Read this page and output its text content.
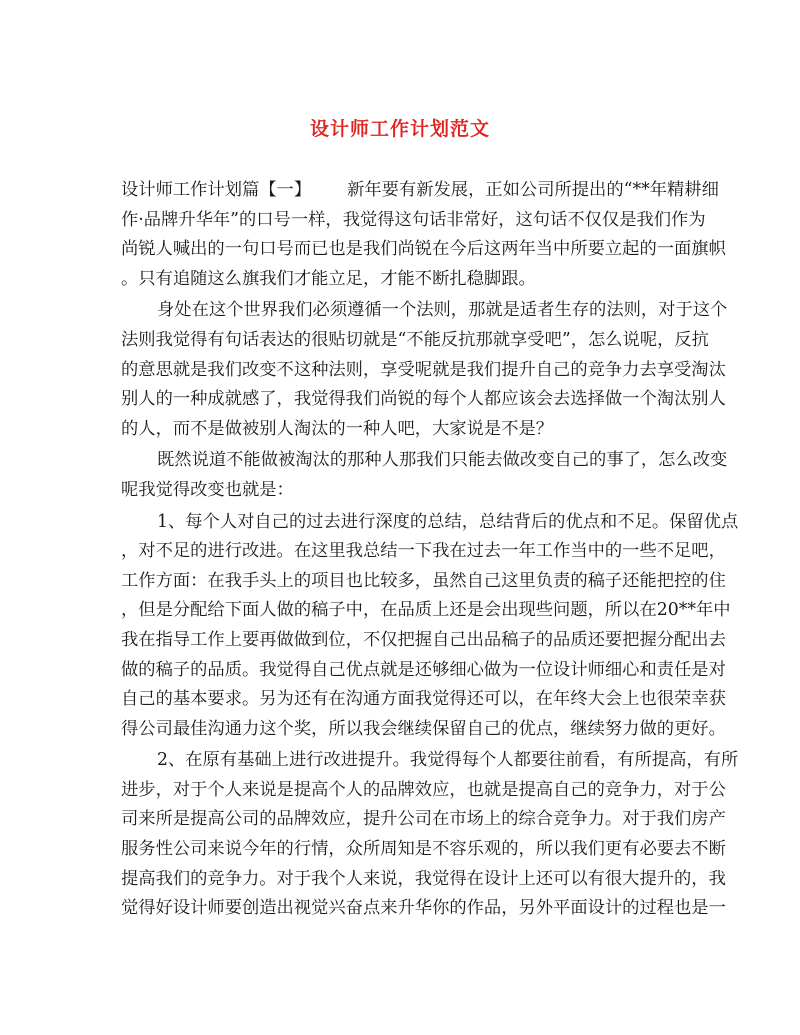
设计师工作计划范文
设计师工作计划篇【一】 新年要有新发展，正如公司所提出的“**年精耕细
作·品牌升华年”的口号一样，我觉得这句话非常好，这句话不仅仅是我们作为
尚锐人喊出的一句口号而已也是我们尚锐在今后这两年当中所要立起的一面旗帜
。只有追随这么旗我们才能立足，才能不断扎稳脚跟。
身处在这个世界我们必须遵循一个法则，那就是适者生存的法则，对于这个
法则我觉得有句话表达的很贴切就是“不能反抗那就享受吧”，怎么说呢，反抗
的意思就是我们改变不这种法则，享受呢就是我们提升自己的竞争力去享受淘汰
别人的一种成就感了，我觉得我们尚锐的每个人都应该会去选择做一个淘汰别人
的人，而不是做被别人淘汰的一种人吧，大家说是不是？
既然说道不能做被淘汰的那种人那我们只能去做改变自己的事了，怎么改变
呢我觉得改变也就是：
1、每个人对自己的过去进行深度的总结，总结背后的优点和不足。保留优点
，对不足的进行改进。在这里我总结一下我在过去一年工作当中的一些不足吧，
工作方面：在我手头上的项目也比较多，虽然自己这里负责的稿子还能把控的住
，但是分配给下面人做的稿子中，在品质上还是会出现些问题，所以在20**年中
我在指导工作上要再做做到位，不仅把握自己出品稿子的品质还要把握分配出去
做的稿子的品质。我觉得自己优点就是还够细心做为一位设计师细心和责任是对
自己的基本要求。另为还有在沟通方面我觉得还可以，在年终大会上也很荣幸获
得公司最佳沟通力这个奖，所以我会继续保留自己的优点，继续努力做的更好。
2、在原有基础上进行改进提升。我觉得每个人都要往前看，有所提高，有所
进步，对于个人来说是提高个人的品牌效应，也就是提高自己的竞争力，对于公
司来所是提高公司的品牌效应，提升公司在市场上的综合竞争力。对于我们房产
服务性公司来说今年的行情，众所周知是不容乐观的，所以我们更有必要去不断
提高我们的竞争力。对于我个人来说，我觉得在设计上还可以有很大提升的，我
觉得好设计师要创造出视觉兴奋点来升华你的作品，另外平面设计的过程也是一
